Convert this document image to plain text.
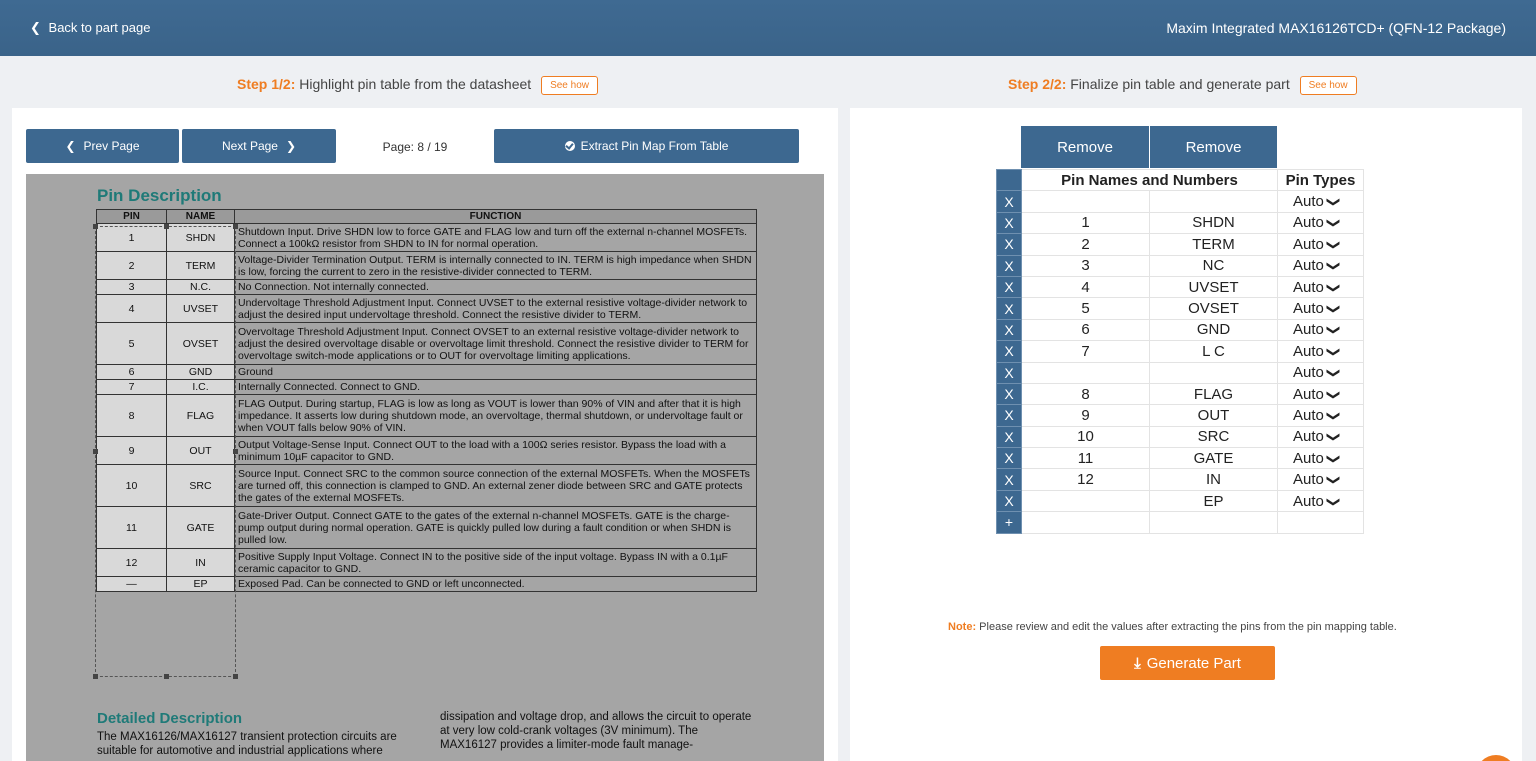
❮ Back to part page	Maxim Integrated MAX16126TCD+ (QFN-12 Package)
Step 1/2: Highlight pin table from the datasheet See how	Step 2/2: Finalize pin table and generate part See how
❮ Prev Page	Next Page ❯	Page: 8 / 19	Extract Pin Map From Table
Pin Description
PIN	NAME	FUNCTION
1	SHDN	Shutdown Input. Drive SHDN low to force GATE and FLAG low and turn off the external n-channel MOSFETs. Connect a 100kΩ resistor from SHDN to IN for normal operation.
2	TERM	Voltage-Divider Termination Output. TERM is internally connected to IN. TERM is high impedance when SHDN is low, forcing the current to zero in the resistive-divider connected to TERM.
3	N.C.	No Connection. Not internally connected.
4	UVSET	Undervoltage Threshold Adjustment Input. Connect UVSET to the external resistive voltage-divider network to adjust the desired input undervoltage threshold. Connect the resistive divider to TERM.
5	OVSET	Overvoltage Threshold Adjustment Input. Connect OVSET to an external resistive voltage-divider network to adjust the desired overvoltage disable or overvoltage limit threshold. Connect the resistive divider to TERM for overvoltage switch-mode applications or to OUT for overvoltage limiting applications.
6	GND	Ground
7	I.C.	Internally Connected. Connect to GND.
8	FLAG	FLAG Output. During startup, FLAG is low as long as VOUT is lower than 90% of VIN and after that it is high impedance. It asserts low during shutdown mode, an overvoltage, thermal shutdown, or undervoltage fault or when VOUT falls below 90% of VIN.
9	OUT	Output Voltage-Sense Input. Connect OUT to the load with a 100Ω series resistor. Bypass the load with a minimum 10µF capacitor to GND.
10	SRC	Source Input. Connect SRC to the common source connection of the external MOSFETs. When the MOSFETs are turned off, this connection is clamped to GND. An external zener diode between SRC and GATE protects the gates of the external MOSFETs.
11	GATE	Gate-Driver Output. Connect GATE to the gates of the external n-channel MOSFETs. GATE is the charge-pump output during normal operation. GATE is quickly pulled low during a fault condition or when SHDN is pulled low.
12	IN	Positive Supply Input Voltage. Connect IN to the positive side of the input voltage. Bypass IN with a 0.1µF ceramic capacitor to GND.
—	EP	Exposed Pad. Can be connected to GND or left unconnected.
Detailed Description
The MAX16126/MAX16127 transient protection circuits are suitable for automotive and industrial applications where
dissipation and voltage drop, and allows the circuit to operate at very low cold-crank voltages (3V minimum). The MAX16127 provides a limiter-mode fault manage-
Remove	Remove
	Pin Names and Numbers		Pin Types
X			Auto ❯
X	1	SHDN	Auto ❯
X	2	TERM	Auto ❯
X	3	NC	Auto ❯
X	4	UVSET	Auto ❯
X	5	OVSET	Auto ❯
X	6	GND	Auto ❯
X	7	L C	Auto ❯
X			Auto ❯
X	8	FLAG	Auto ❯
X	9	OUT	Auto ❯
X	10	SRC	Auto ❯
X	11	GATE	Auto ❯
X	12	IN	Auto ❯
X		EP	Auto ❯
+			
Note: Please review and edit the values after extracting the pins from the pin mapping table.
⤓ Generate Part
